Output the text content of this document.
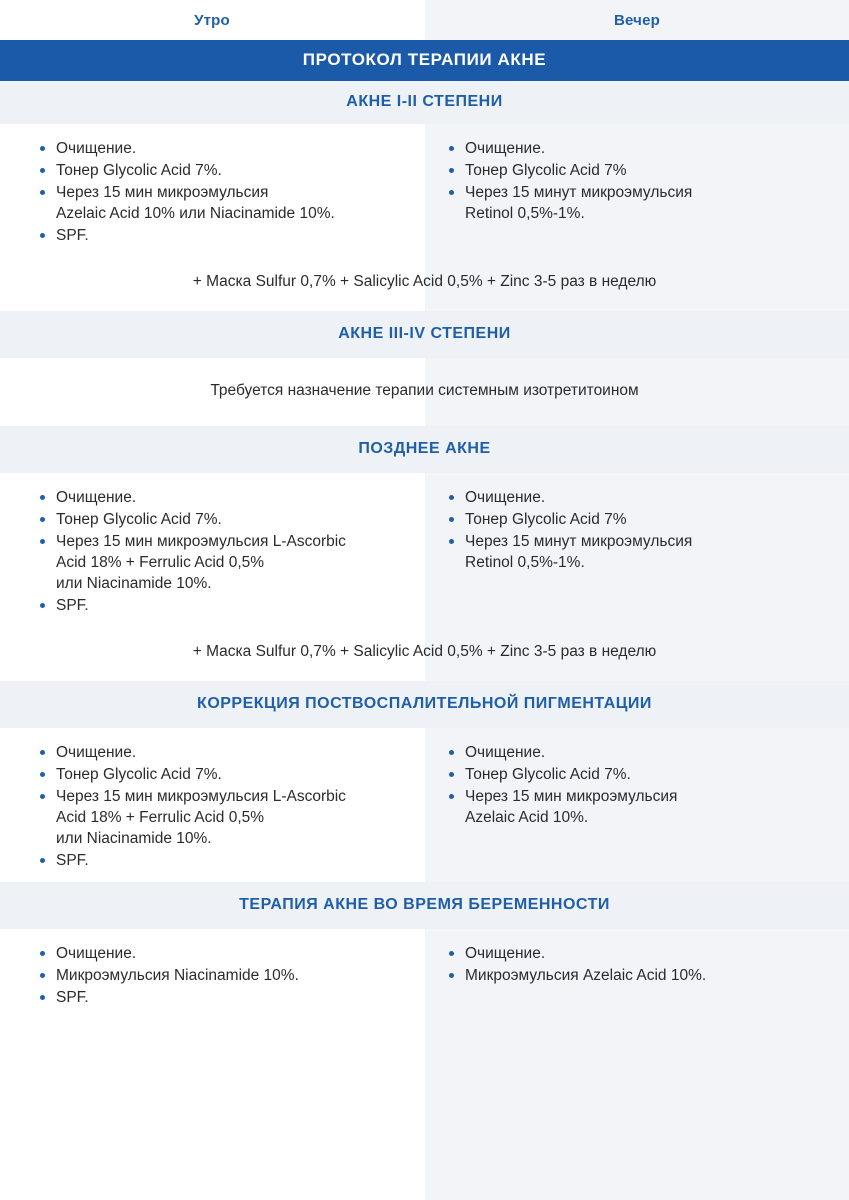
Утро	Вечер
ПРОТОКОЛ ТЕРАПИИ АКНЕ
АКНЕ I-II СТЕПЕНИ
Очищение.
Тонер Glycolic Acid 7%.
Через 15 мин микроэмульсия
Azelaic Acid 10% или Niacinamide 10%.
SPF.
Очищение.
Тонер Glycolic Acid 7%
Через 15 минут микроэмульсия
Retinol 0,5%-1%.
+ Маска Sulfur 0,7% + Salicylic Acid 0,5% + Zinc 3-5 раз в неделю
АКНЕ III-IV СТЕПЕНИ
Требуется назначение терапии системным изотретитоином
ПОЗДНЕЕ АКНЕ
Очищение.
Тонер Glycolic Acid 7%.
Через 15 мин микроэмульсия L-Ascorbic
Acid 18% + Ferrulic Acid 0,5%
или Niacinamide 10%.
SPF.
Очищение.
Тонер Glycolic Acid 7%
Через 15 минут микроэмульсия
Retinol 0,5%-1%.
+ Маска Sulfur 0,7% + Salicylic Acid 0,5% + Zinc 3-5 раз в неделю
КОРРЕКЦИЯ ПОСТВОСПАЛИТЕЛЬНОЙ ПИГМЕНТАЦИИ
Очищение.
Тонер Glycolic Acid 7%.
Через 15 мин микроэмульсия L-Ascorbic
Acid 18% + Ferrulic Acid 0,5%
или Niacinamide 10%.
SPF.
Очищение.
Тонер Glycolic Acid 7%.
Через 15 мин микроэмульсия
Azelaic Acid 10%.
ТЕРАПИЯ АКНЕ ВО ВРЕМЯ БЕРЕМЕННОСТИ
Очищение.
Микроэмульсия Niacinamide 10%.
SPF.
Очищение.
Микроэмульсия Azelaic Acid 10%.
